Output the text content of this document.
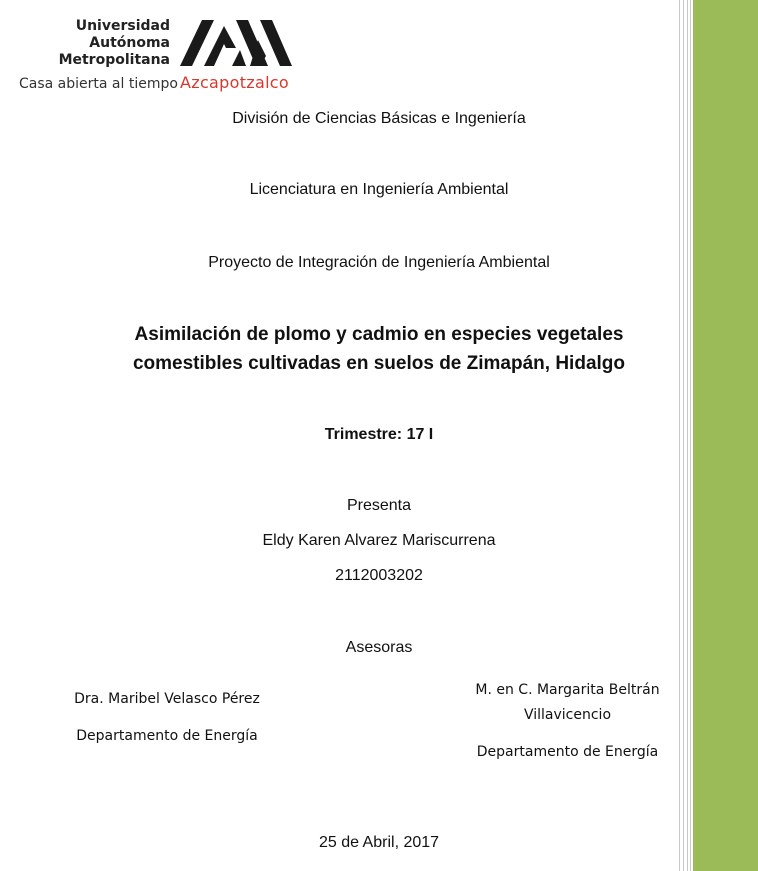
Universidad
Autónoma
Metropolitana
Casa abierta al tiempo Azcapotzalco
División de Ciencias Básicas e Ingeniería
Licenciatura en Ingeniería Ambiental
Proyecto de Integración de Ingeniería Ambiental
Asimilación de plomo y cadmio en especies vegetales
comestibles cultivadas en suelos de Zimapán, Hidalgo
Trimestre: 17 I
Presenta
Eldy Karen Alvarez Mariscurrena
2112003202
Asesoras
Dra. Maribel Velasco Pérez
Departamento de Energía
M. en C. Margarita Beltrán
Villavicencio
Departamento de Energía
25 de Abril, 2017
